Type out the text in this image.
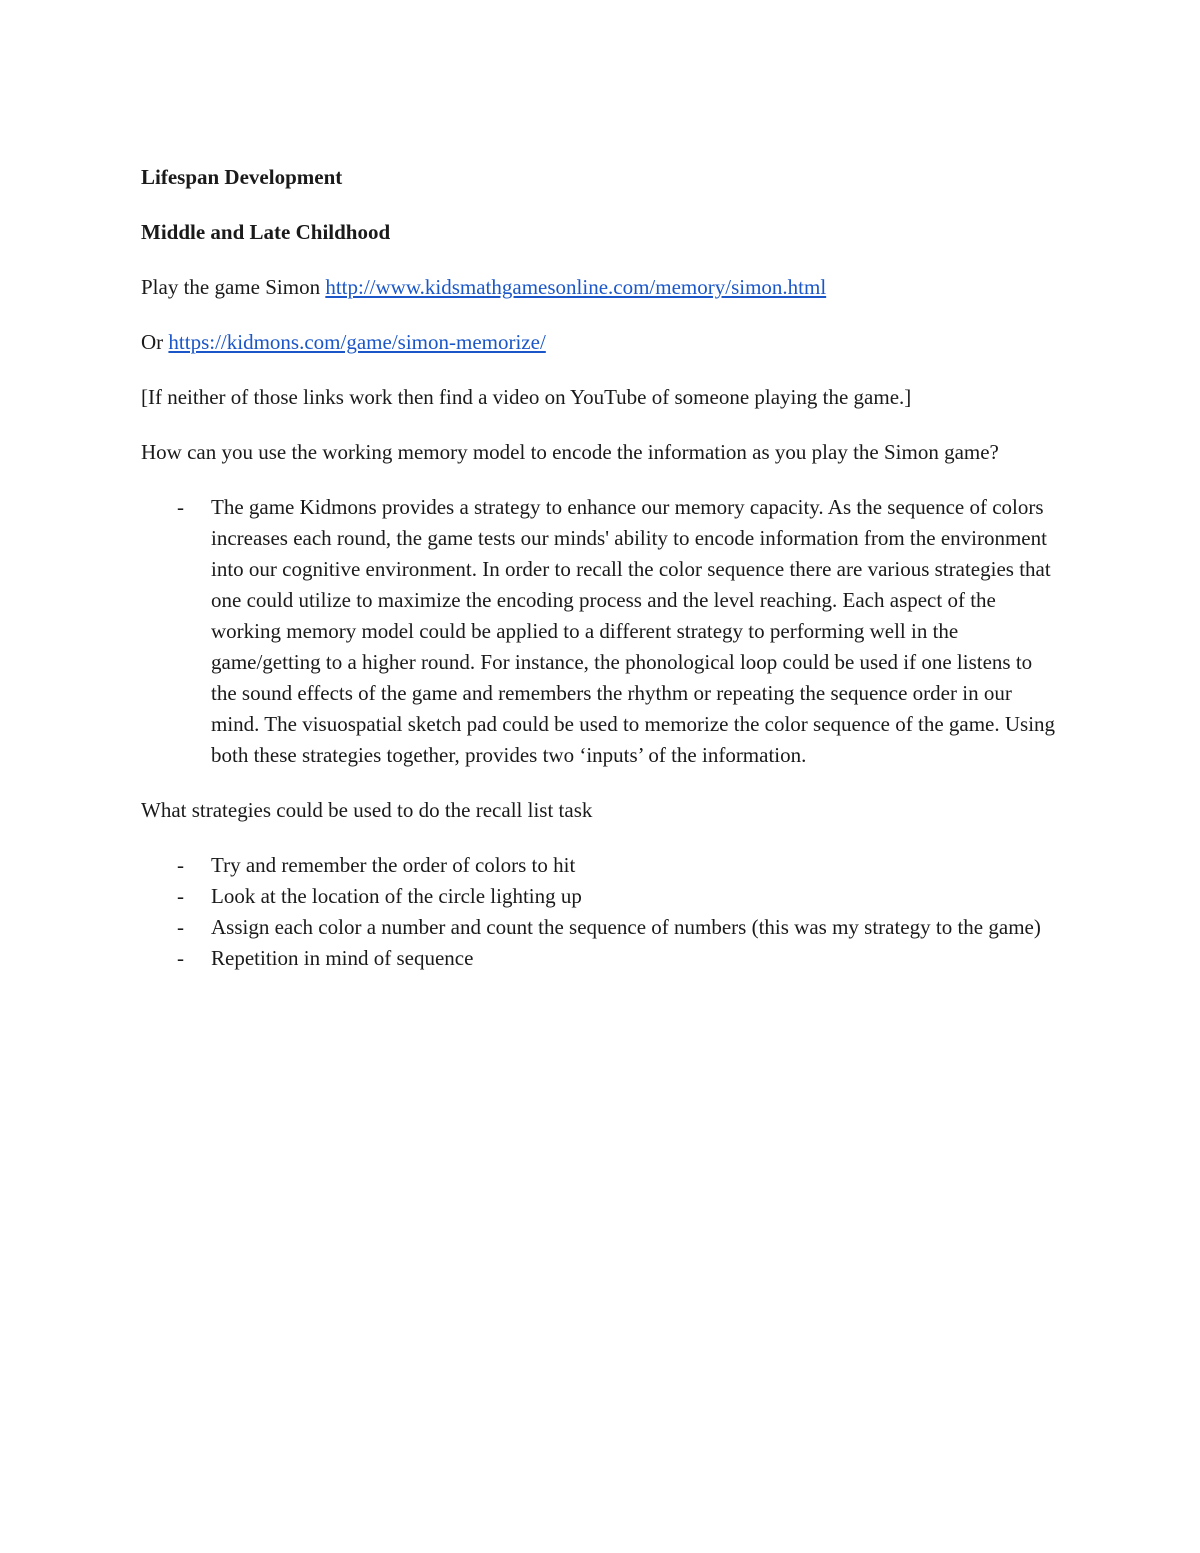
Lifespan Development

Middle and Late Childhood

Play the game Simon http://www.kidsmathgamesonline.com/memory/simon.html

Or https://kidmons.com/game/simon-memorize/

[If neither of those links work then find a video on YouTube of someone playing the game.]

How can you use the working memory model to encode the information as you play the Simon game?

- The game Kidmons provides a strategy to enhance our memory capacity. As the sequence of colors increases each round, the game tests our minds' ability to encode information from the environment into our cognitive environment. In order to recall the color sequence there are various strategies that one could utilize to maximize the encoding process and the level reaching. Each aspect of the working memory model could be applied to a different strategy to performing well in the game/getting to a higher round. For instance, the phonological loop could be used if one listens to the sound effects of the game and remembers the rhythm or repeating the sequence order in our mind. The visuospatial sketch pad could be used to memorize the color sequence of the game. Using both these strategies together, provides two ‘inputs’ of the information.

What strategies could be used to do the recall list task

- Try and remember the order of colors to hit
- Look at the location of the circle lighting up
- Assign each color a number and count the sequence of numbers (this was my strategy to the game)
- Repetition in mind of sequence
